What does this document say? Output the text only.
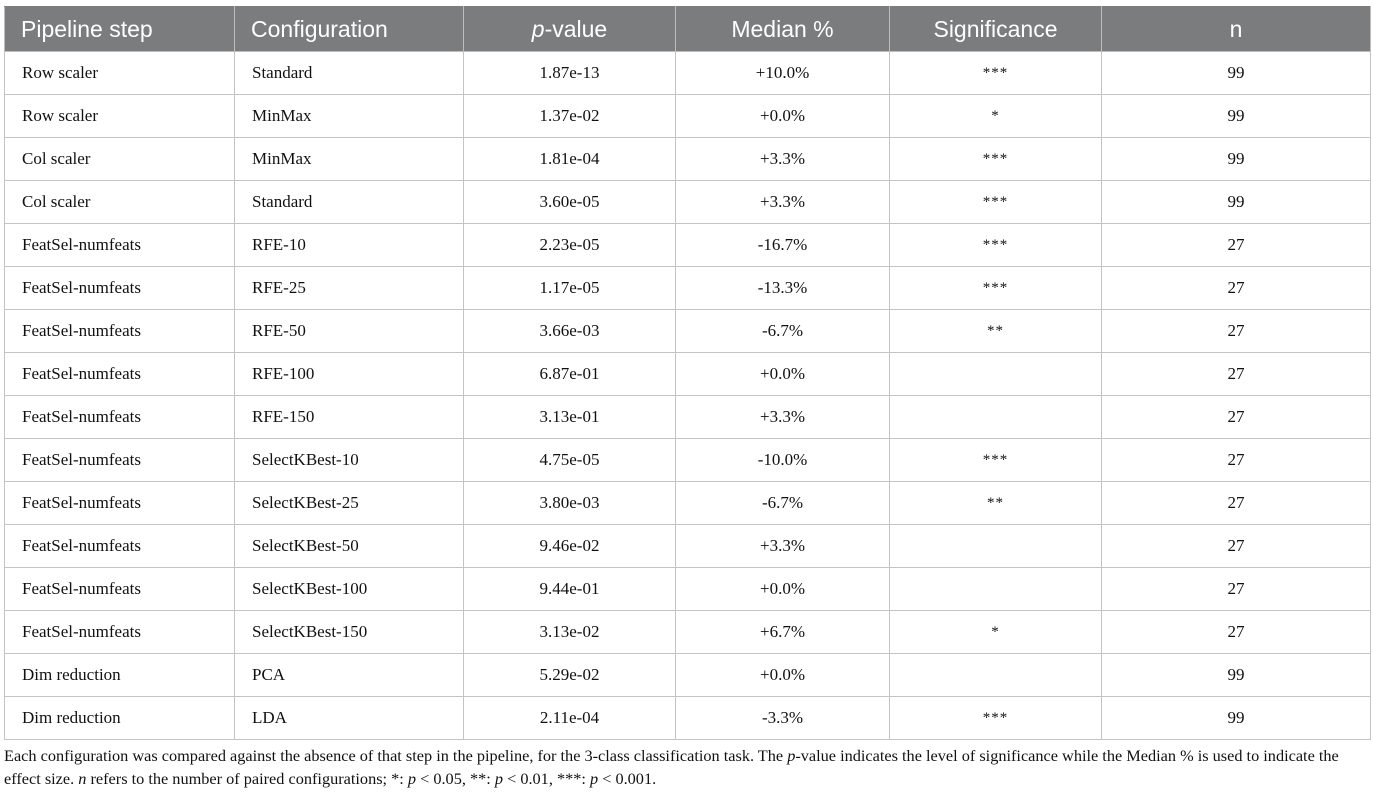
Pipeline step	Configuration	p-value	Median %	Significance	n
Row scaler	Standard	1.87e-13	+10.0%	***	99
Row scaler	MinMax	1.37e-02	+0.0%	*	99
Col scaler	MinMax	1.81e-04	+3.3%	***	99
Col scaler	Standard	3.60e-05	+3.3%	***	99
FeatSel-numfeats	RFE-10	2.23e-05	-16.7%	***	27
FeatSel-numfeats	RFE-25	1.17e-05	-13.3%	***	27
FeatSel-numfeats	RFE-50	3.66e-03	-6.7%	**	27
FeatSel-numfeats	RFE-100	6.87e-01	+0.0%		27
FeatSel-numfeats	RFE-150	3.13e-01	+3.3%		27
FeatSel-numfeats	SelectKBest-10	4.75e-05	-10.0%	***	27
FeatSel-numfeats	SelectKBest-25	3.80e-03	-6.7%	**	27
FeatSel-numfeats	SelectKBest-50	9.46e-02	+3.3%		27
FeatSel-numfeats	SelectKBest-100	9.44e-01	+0.0%		27
FeatSel-numfeats	SelectKBest-150	3.13e-02	+6.7%	*	27
Dim reduction	PCA	5.29e-02	+0.0%		99
Dim reduction	LDA	2.11e-04	-3.3%	***	99
Each configuration was compared against the absence of that step in the pipeline, for the 3-class classification task. The p-value indicates the level of significance while the Median % is used to indicate the effect size. n refers to the number of paired configurations; *: p < 0.05, **: p < 0.01, ***: p < 0.001.
